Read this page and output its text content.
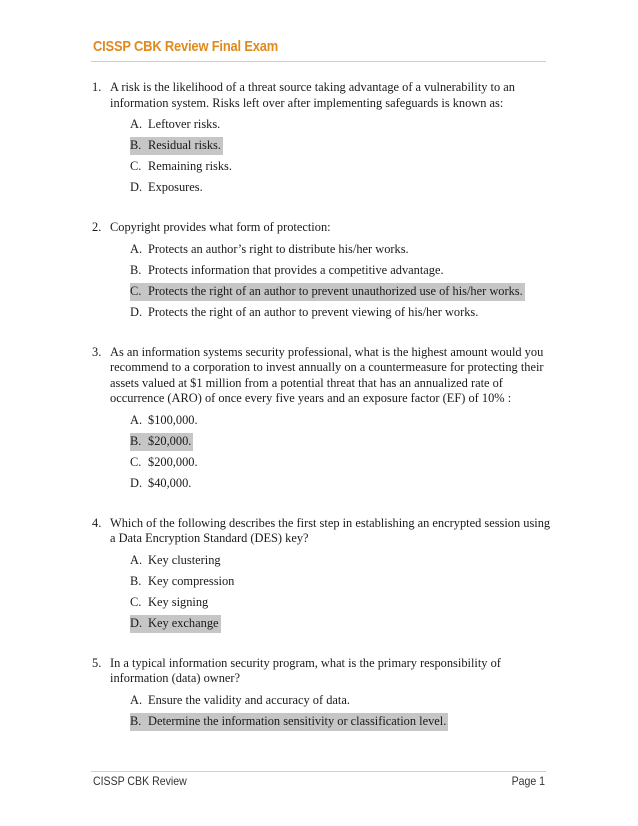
CISSP CBK Review Final Exam
1. A risk is the likelihood of a threat source taking advantage of a vulnerability to an information system. Risks left over after implementing safeguards is known as:

A. Leftover risks.
B. Residual risks.
C. Remaining risks.
D. Exposures.
2. Copyright provides what form of protection:

A. Protects an author’s right to distribute his/her works.
B. Protects information that provides a competitive advantage.
C. Protects the right of an author to prevent unauthorized use of his/her works.
D. Protects the right of an author to prevent viewing of his/her works.
3. As an information systems security professional, what is the highest amount would you recommend to a corporation to invest annually on a countermeasure for protecting their assets valued at $1 million from a potential threat that has an annualized rate of occurrence (ARO) of once every five years and an exposure factor (EF) of 10% :

A. $100,000.
B. $20,000.
C. $200,000.
D. $40,000.
4. Which of the following describes the first step in establishing an encrypted session using a Data Encryption Standard (DES) key?

A. Key clustering
B. Key compression
C. Key signing
D. Key exchange
5. In a typical information security program, what is the primary responsibility of information (data) owner?

A. Ensure the validity and accuracy of data.
B. Determine the information sensitivity or classification level.
CISSP CBK Review	Page 1
